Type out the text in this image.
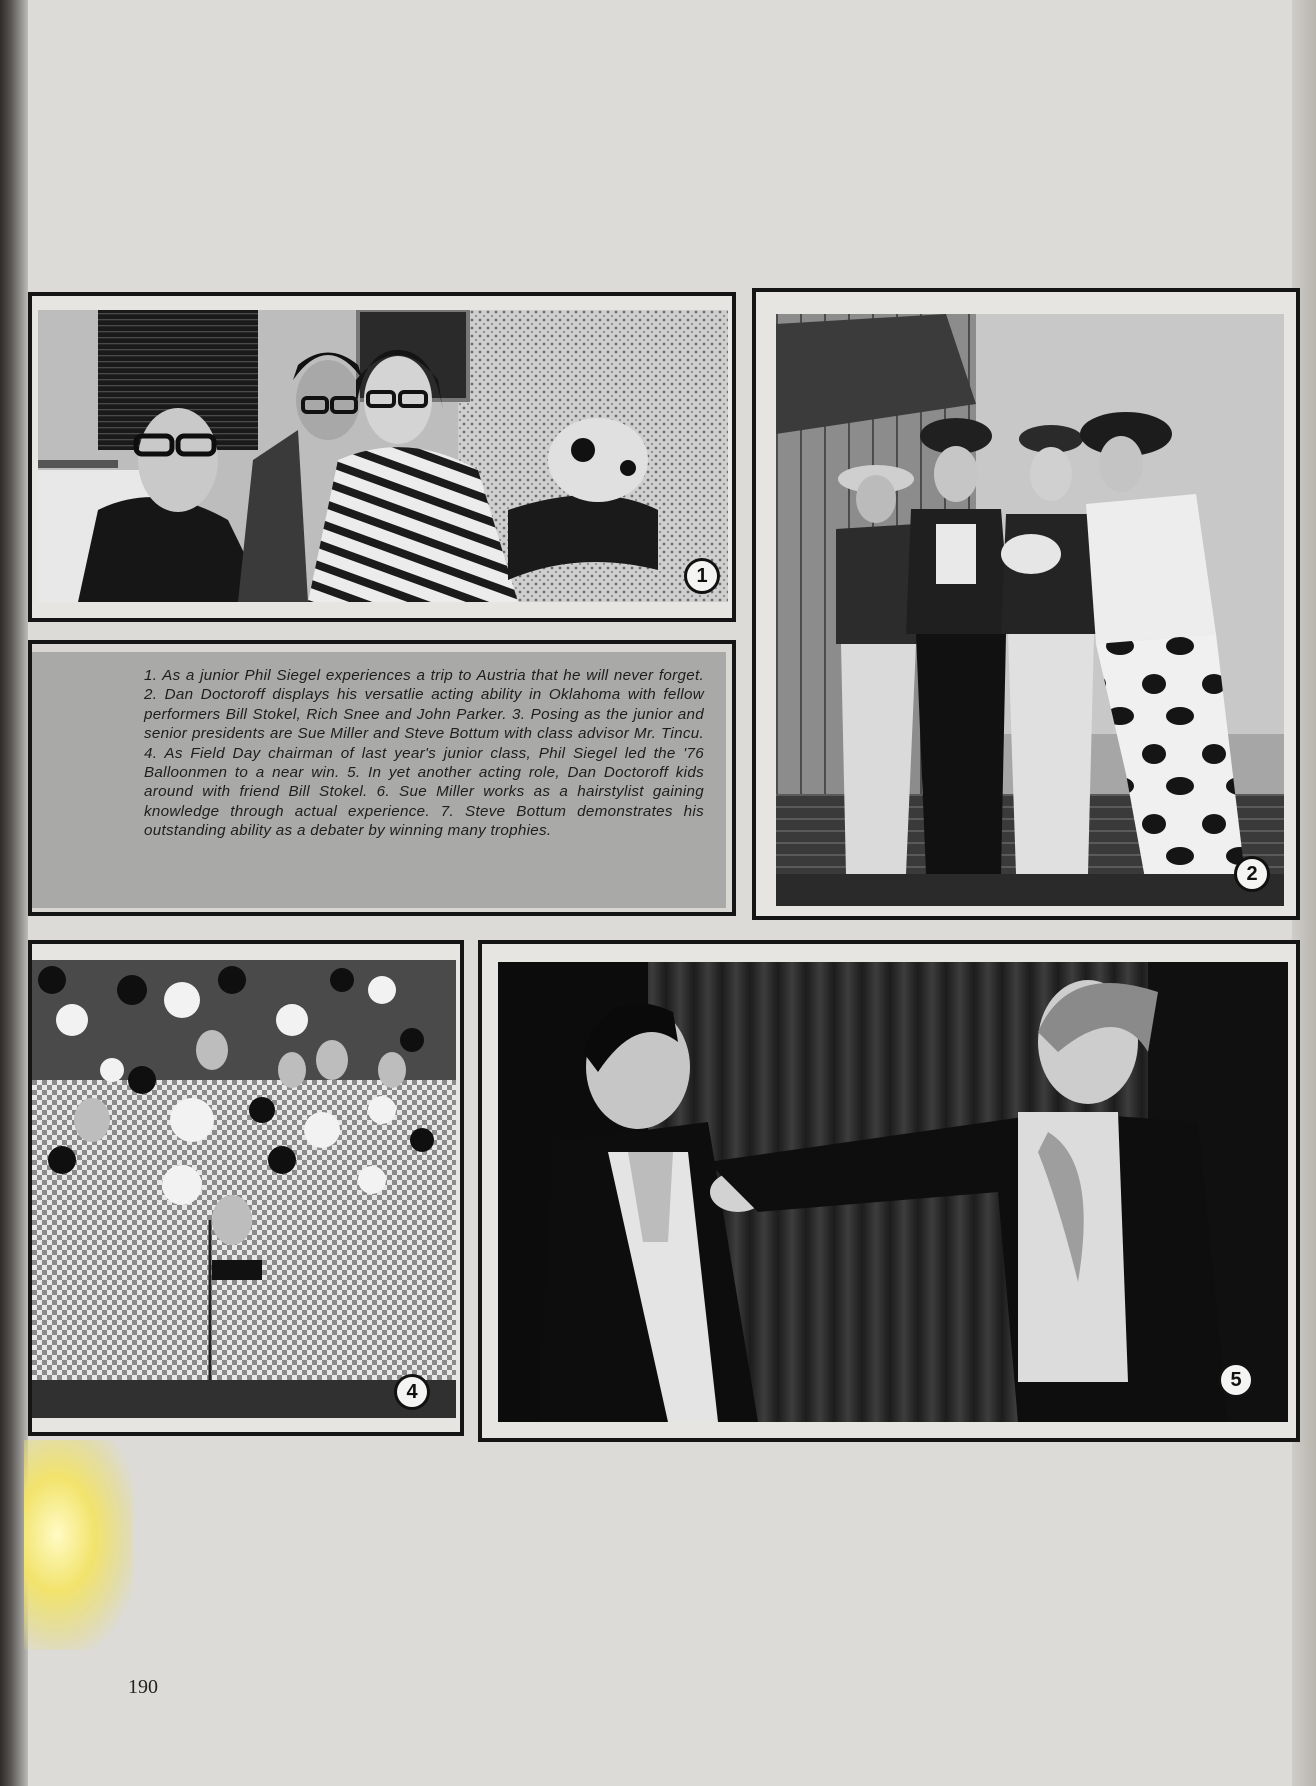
1
1. As a junior Phil Siegel experiences a trip to Austria that he will never forget. 2. Dan Doctoroff displays his versatlie acting ability in Oklahoma with fellow performers Bill Stokel, Rich Snee and John Parker. 3. Posing as the junior and senior presidents are Sue Miller and Steve Bottum with class advisor Mr. Tincu. 4. As Field Day chairman of last year's junior class, Phil Siegel led the '76 Balloonmen to a near win. 5. In yet another acting role, Dan Doctoroff kids around with friend Bill Stokel. 6. Sue Miller works as a hairstylist gaining knowledge through actual experience. 7. Steve Bottum demonstrates his outstanding ability as a debater by winning many trophies.
2
4
5
190
